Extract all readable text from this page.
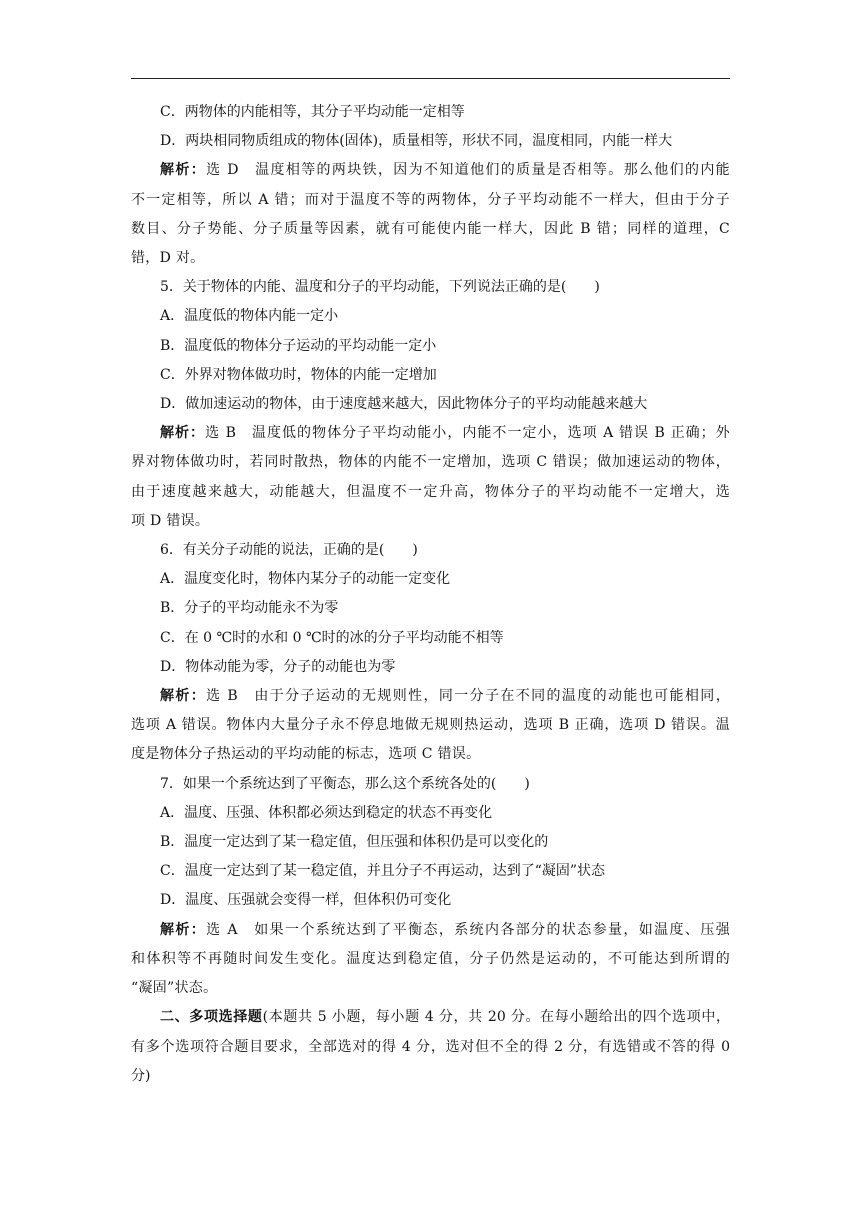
C．两物体的内能相等，其分子平均动能一定相等

D．两块相同物质组成的物体(固体)，质量相等，形状不同，温度相同，内能一样大

解析：选 D　温度相等的两块铁，因为不知道他们的质量是否相等。那么他们的内能

不一定相等，所以 A 错；而对于温度不等的两物体，分子平均动能不一样大，但由于分子

数目、分子势能、分子质量等因素，就有可能使内能一样大，因此 B 错；同样的道理，C

错，D 对。

5．关于物体的内能、温度和分子的平均动能，下列说法正确的是(　　)

A．温度低的物体内能一定小

B．温度低的物体分子运动的平均动能一定小

C．外界对物体做功时，物体的内能一定增加

D．做加速运动的物体，由于速度越来越大，因此物体分子的平均动能越来越大

解析：选 B　温度低的物体分子平均动能小，内能不一定小，选项 A 错误 B 正确；外

界对物体做功时，若同时散热，物体的内能不一定增加，选项 C 错误；做加速运动的物体，

由于速度越来越大，动能越大，但温度不一定升高，物体分子的平均动能不一定增大，选

项 D 错误。

6．有关分子动能的说法，正确的是(　　)

A．温度变化时，物体内某分子的动能一定变化

B．分子的平均动能永不为零

C．在 0 ℃时的水和 0 ℃时的冰的分子平均动能不相等

D．物体动能为零，分子的动能也为零

解析：选 B　由于分子运动的无规则性，同一分子在不同的温度的动能也可能相同，

选项 A 错误。物体内大量分子永不停息地做无规则热运动，选项 B 正确，选项 D 错误。温

度是物体分子热运动的平均动能的标志，选项 C 错误。

7．如果一个系统达到了平衡态，那么这个系统各处的(　　)

A．温度、压强、体积都必须达到稳定的状态不再变化

B．温度一定达到了某一稳定值，但压强和体积仍是可以变化的

C．温度一定达到了某一稳定值，并且分子不再运动，达到了“凝固”状态

D．温度、压强就会变得一样，但体积仍可变化

解析：选 A　如果一个系统达到了平衡态，系统内各部分的状态参量，如温度、压强

和体积等不再随时间发生变化。温度达到稳定值，分子仍然是运动的，不可能达到所谓的

“凝固”状态。

二、多项选择题(本题共 5 小题，每小题 4 分，共 20 分。在每小题给出的四个选项中，

有多个选项符合题目要求，全部选对的得 4 分，选对但不全的得 2 分，有选错或不答的得 0

分)
